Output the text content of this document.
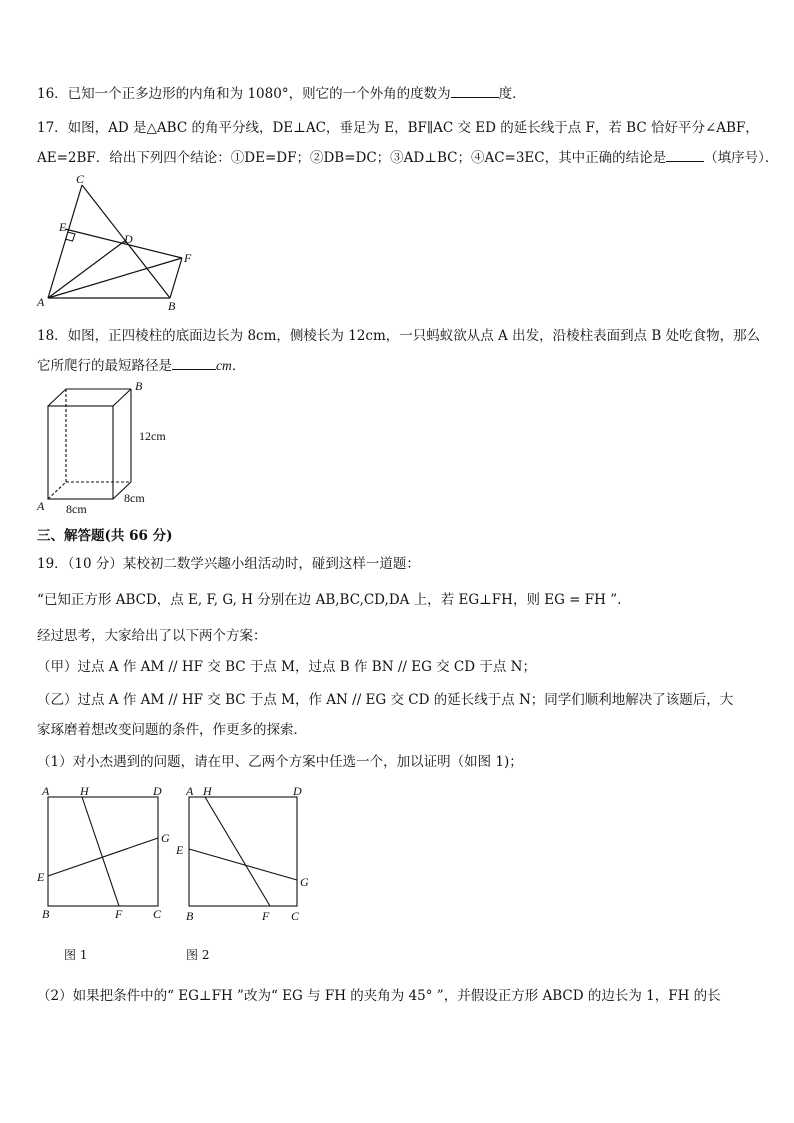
16．已知一个正多边形的内角和为 1080°，则它的一个外角的度数为	度．
17．如图，AD 是△ABC 的角平分线，DE⊥AC，垂足为 E，BF∥AC 交 ED 的延长线于点 F，若 BC 恰好平分∠ABF，
AE=2BF．给出下列四个结论：①DE=DF；②DB=DC；③AD⊥BC；④AC=3EC，其中正确的结论是	（填序号）．
C
E
D
F
A	B
B
A
12cm
8cm
8cm
A	H	D
G
E
B	F	C
A H	D
E
G
B	F C
18．如图，正四棱柱的底面边长为 8cm，侧棱长为 12cm，一只蚂蚁欲从点 A 出发，沿棱柱表面到点 B 处吃食物，那么
它所爬行的最短路径是	cm．
三、解答题(共 66 分)
19．（10 分）某校初二数学兴趣小组活动时，碰到这样一道题：
“已知正方形 ABCD，点 E, F, G, H 分别在边 AB,BC,CD,DA 上，若 EG⊥FH，则 EG = FH ”.
经过思考，大家给出了以下两个方案：
（甲）过点 A 作 AM // HF 交 BC 于点 M，过点 B 作 BN // EG 交 CD 于点 N；
（乙）过点 A 作 AM // HF 交 BC 于点 M，作 AN // EG 交 CD 的延长线于点 N；同学们顺利地解决了该题后，大
家琢磨着想改变问题的条件，作更多的探索．
（1）对小杰遇到的问题，请在甲、乙两个方案中任选一个，加以证明（如图 1)；
图 1	图 2
（2）如果把条件中的“ EG⊥FH ”改为“ EG 与 FH 的夹角为 45° ”，并假设正方形 ABCD 的边长为 1，FH 的长
